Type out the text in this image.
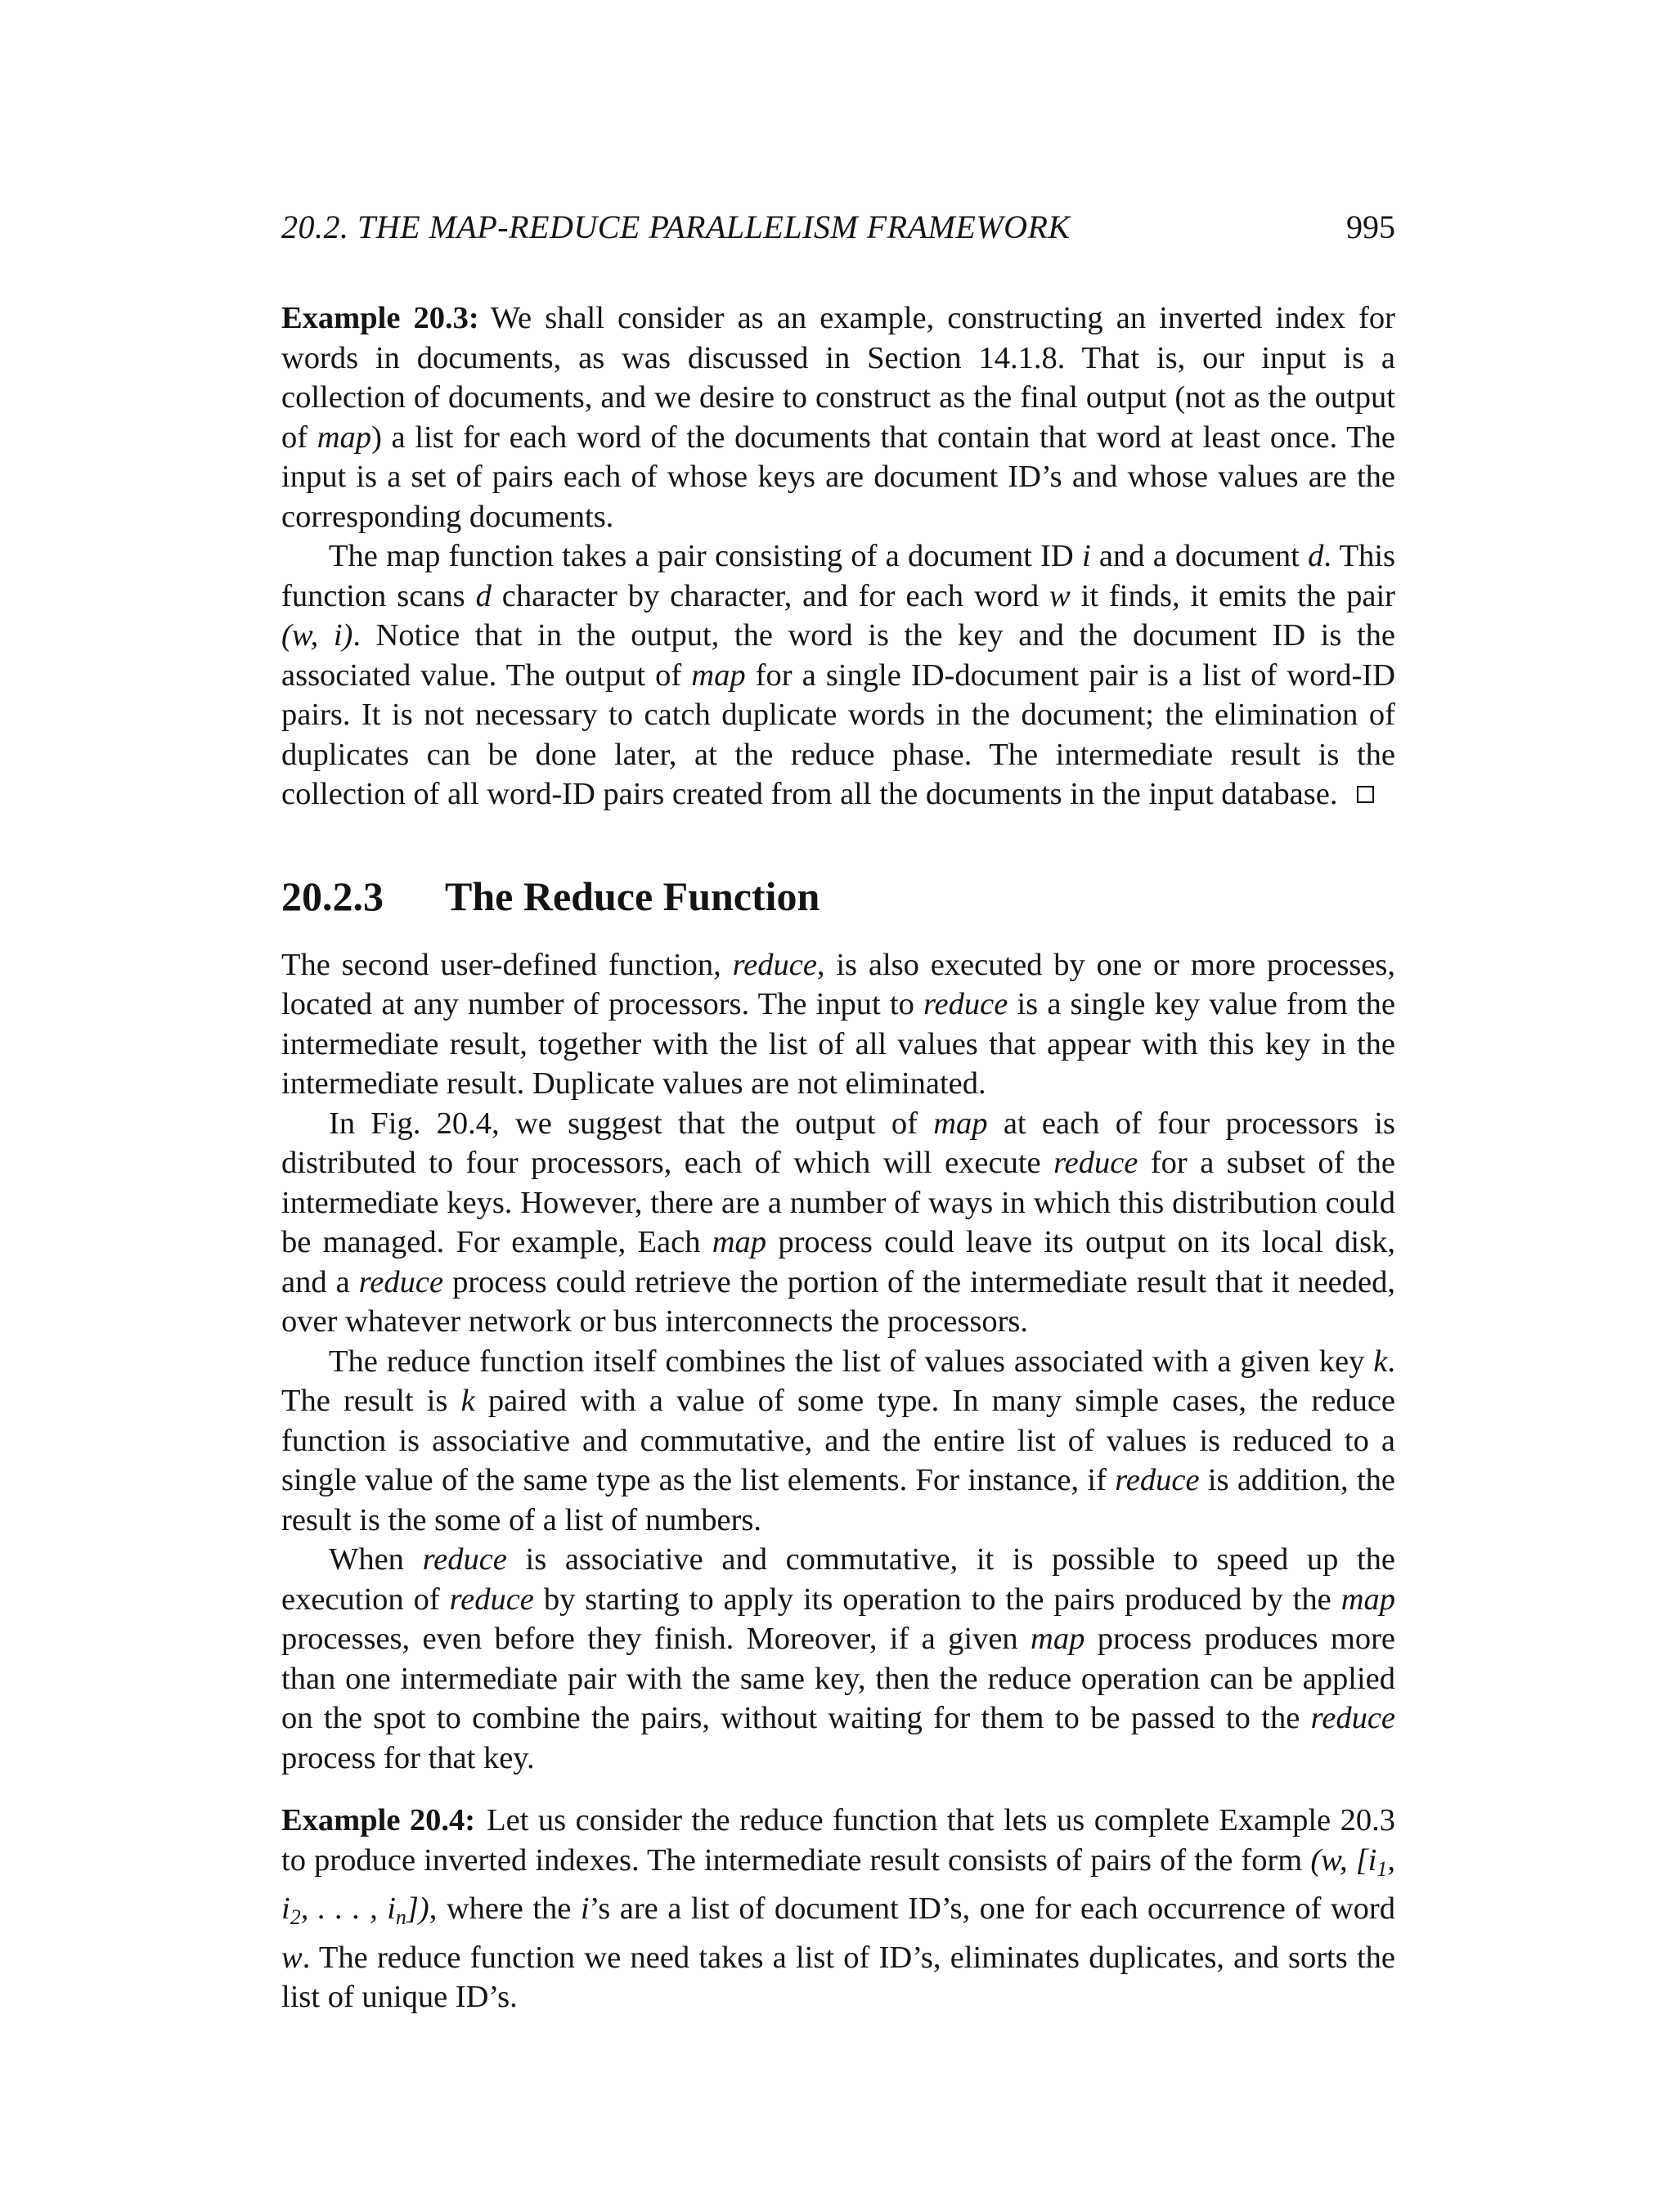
20.2. THE MAP-REDUCE PARALLELISM FRAMEWORK	995

Example 20.3: We shall consider as an example, constructing an inverted index for words in documents, as was discussed in Section 14.1.8. That is, our input is a collection of documents, and we desire to construct as the final output (not as the output of map) a list for each word of the documents that contain that word at least once. The input is a set of pairs each of whose keys are document ID’s and whose values are the corresponding documents.

The map function takes a pair consisting of a document ID i and a document d. This function scans d character by character, and for each word w it finds, it emits the pair (w, i). Notice that in the output, the word is the key and the document ID is the associated value. The output of map for a single ID-document pair is a list of word-ID pairs. It is not necessary to catch duplicate words in the document; the elimination of duplicates can be done later, at the reduce phase. The intermediate result is the collection of all word-ID pairs created from all the documents in the input database.

20.2.3 The Reduce Function

The second user-defined function, reduce, is also executed by one or more processes, located at any number of processors. The input to reduce is a single key value from the intermediate result, together with the list of all values that appear with this key in the intermediate result. Duplicate values are not eliminated.

In Fig. 20.4, we suggest that the output of map at each of four processors is distributed to four processors, each of which will execute reduce for a subset of the intermediate keys. However, there are a number of ways in which this distribution could be managed. For example, Each map process could leave its output on its local disk, and a reduce process could retrieve the portion of the intermediate result that it needed, over whatever network or bus interconnects the processors.

The reduce function itself combines the list of values associated with a given key k. The result is k paired with a value of some type. In many simple cases, the reduce function is associative and commutative, and the entire list of values is reduced to a single value of the same type as the list elements. For instance, if reduce is addition, the result is the some of a list of numbers.

When reduce is associative and commutative, it is possible to speed up the execution of reduce by starting to apply its operation to the pairs produced by the map processes, even before they finish. Moreover, if a given map process produces more than one intermediate pair with the same key, then the reduce operation can be applied on the spot to combine the pairs, without waiting for them to be passed to the reduce process for that key.

Example 20.4: Let us consider the reduce function that lets us complete Example 20.3 to produce inverted indexes. The intermediate result consists of pairs of the form (w, [$i_1$, $i_2$, . . . , $i_n$]), where the i’s are a list of document ID’s, one for each occurrence of word w. The reduce function we need takes a list of ID’s, eliminates duplicates, and sorts the list of unique ID’s.
